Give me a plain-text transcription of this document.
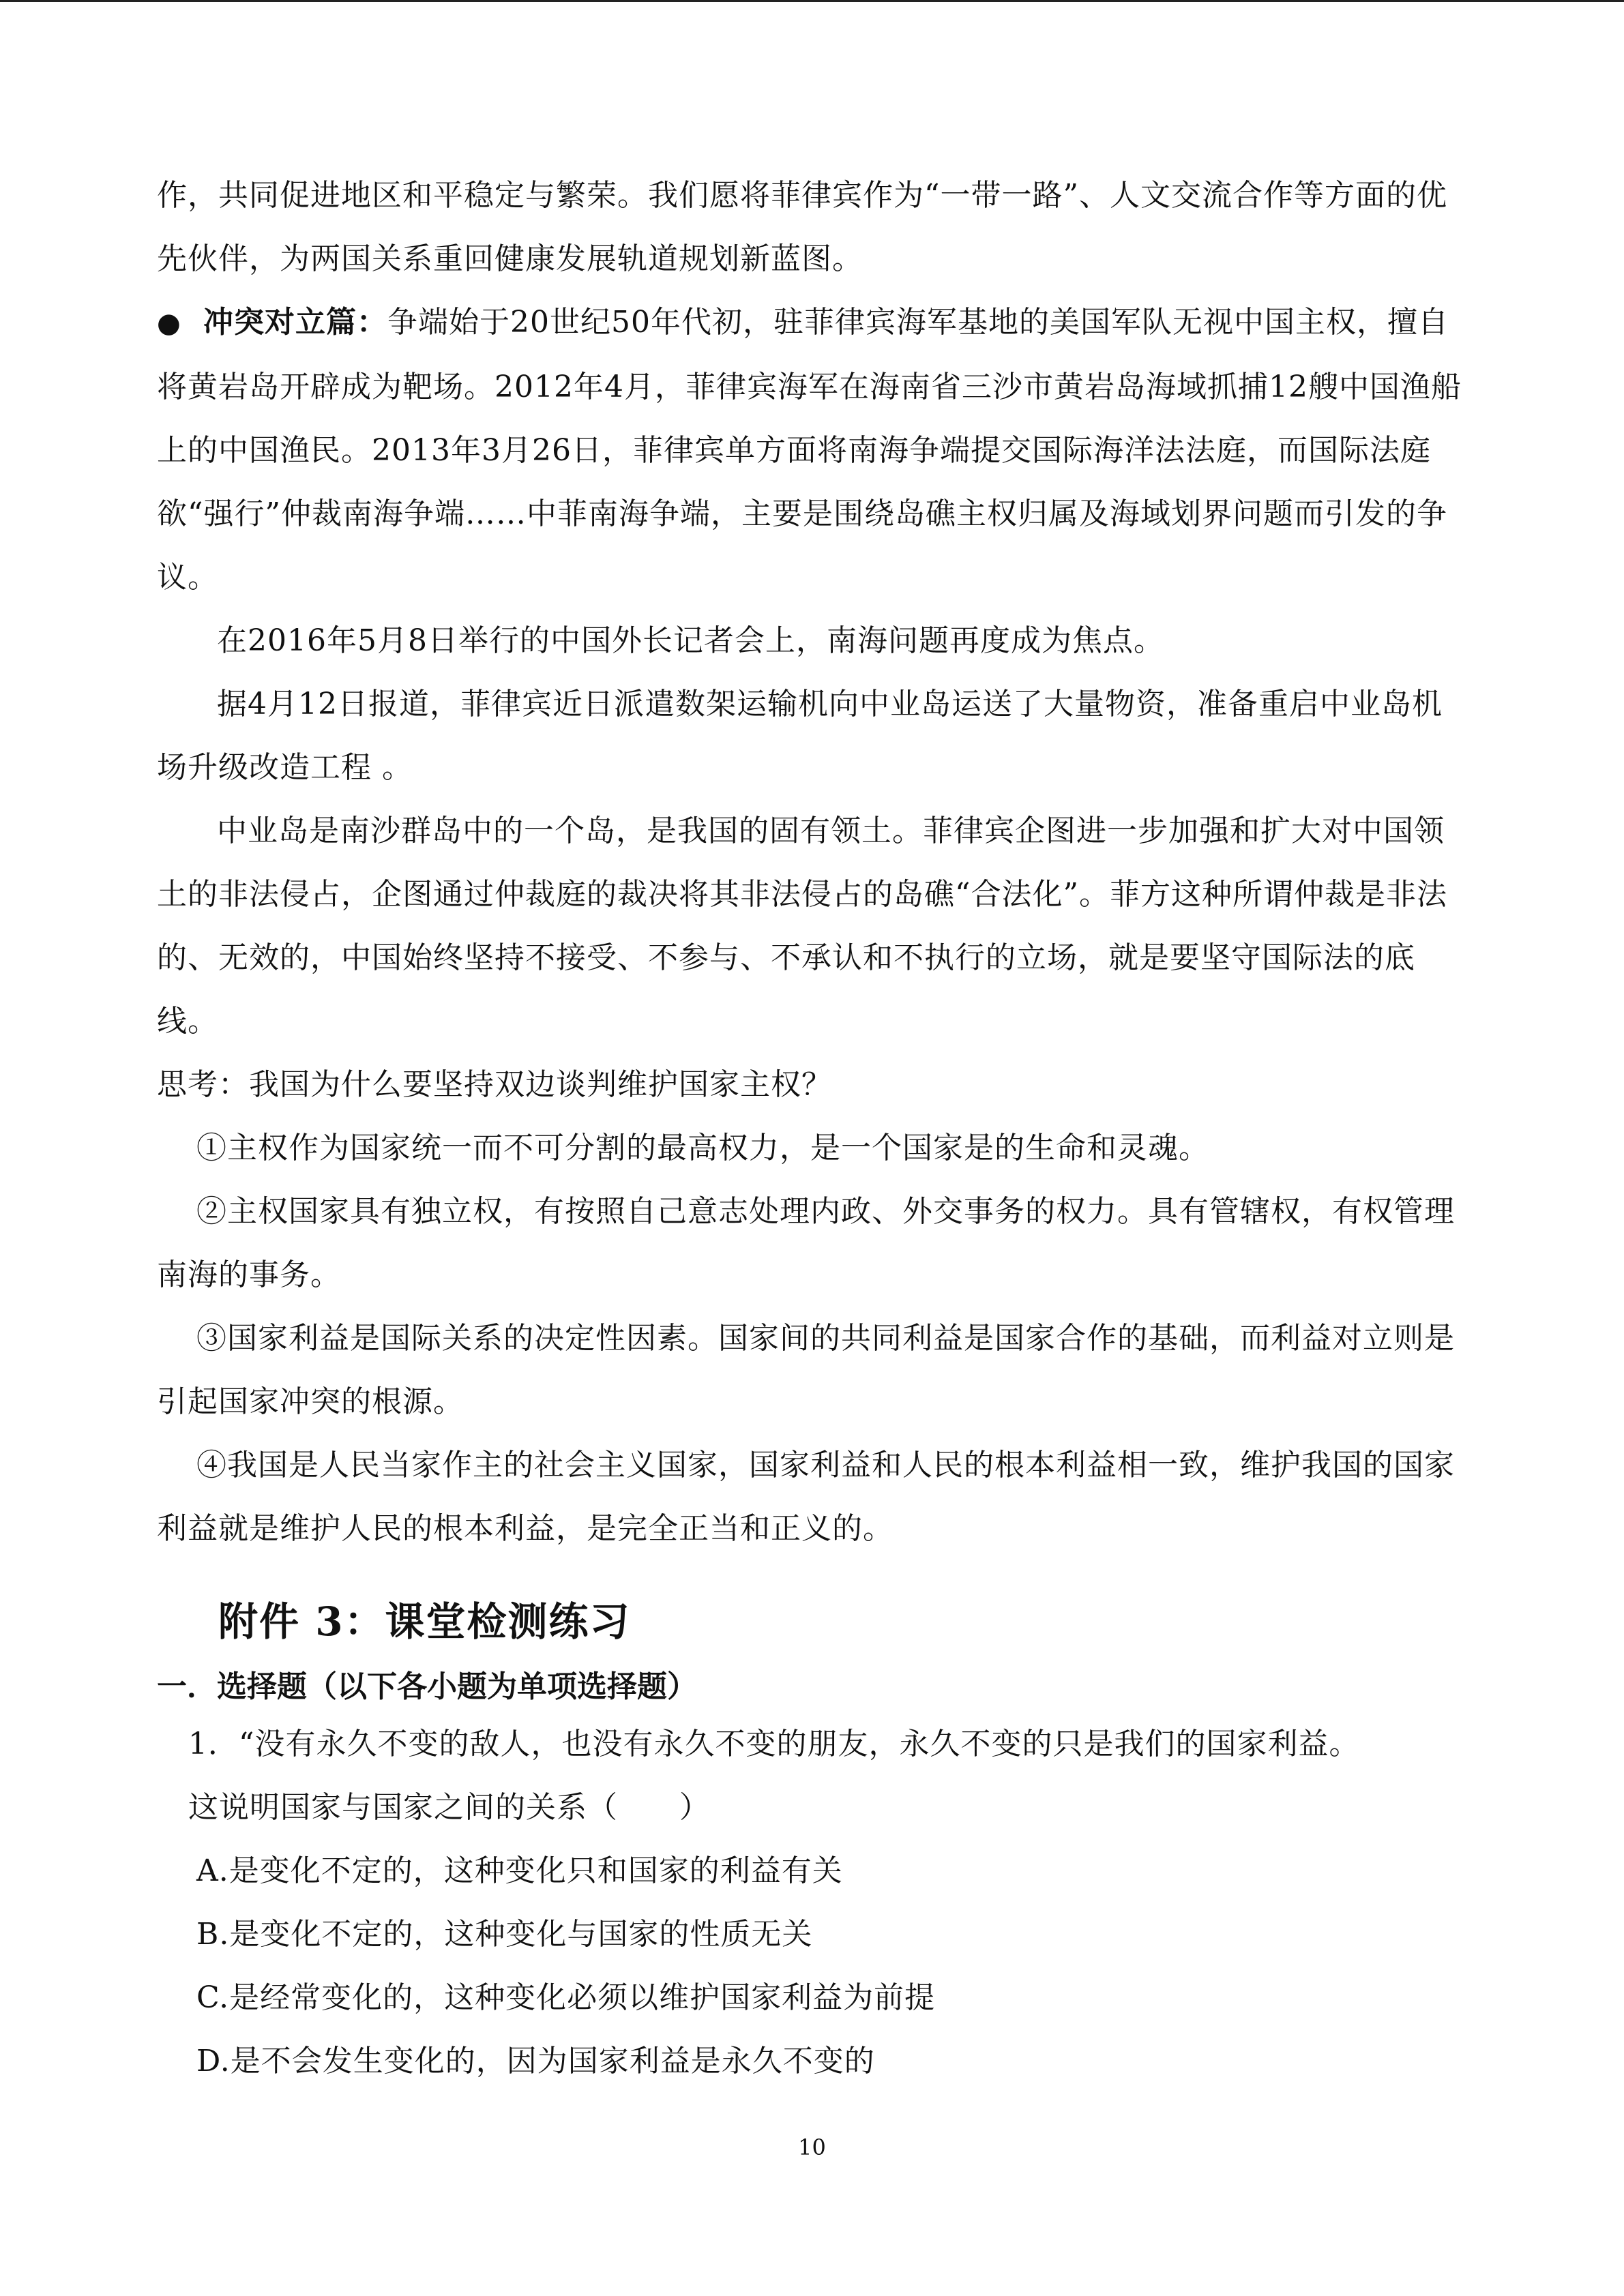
作，共同促进地区和平稳定与繁荣。我们愿将菲律宾作为“一带一路”、人文交流合作等方面的优先伙伴，为两国关系重回健康发展轨道规划新蓝图。

● 冲突对立篇：争端始于20世纪50年代初，驻菲律宾海军基地的美国军队无视中国主权，擅自将黄岩岛开辟成为靶场。2012年4月，菲律宾海军在海南省三沙市黄岩岛海域抓捕12艘中国渔船上的中国渔民。2013年3月26日，菲律宾单方面将南海争端提交国际海洋法法庭，而国际法庭欲“强行”仲裁南海争端……中菲南海争端，主要是围绕岛礁主权归属及海域划界问题而引发的争议。

在2016年5月8日举行的中国外长记者会上，南海问题再度成为焦点。

据4月12日报道，菲律宾近日派遣数架运输机向中业岛运送了大量物资，准备重启中业岛机场升级改造工程 。

中业岛是南沙群岛中的一个岛，是我国的固有领土。菲律宾企图进一步加强和扩大对中国领土的非法侵占，企图通过仲裁庭的裁决将其非法侵占的岛礁“合法化”。菲方这种所谓仲裁是非法的、无效的，中国始终坚持不接受、不参与、不承认和不执行的立场，就是要坚守国际法的底线。

思考：我国为什么要坚持双边谈判维护国家主权？

①主权作为国家统一而不可分割的最高权力，是一个国家是的生命和灵魂。

②主权国家具有独立权，有按照自己意志处理内政、外交事务的权力。具有管辖权，有权管理南海的事务。

③国家利益是国际关系的决定性因素。国家间的共同利益是国家合作的基础，而利益对立则是引起国家冲突的根源。

④我国是人民当家作主的社会主义国家，国家利益和人民的根本利益相一致，维护我国的国家利益就是维护人民的根本利益，是完全正当和正义的。

附件 3：课堂检测练习

一．选择题（以下各小题为单项选择题）

1．“没有永久不变的敌人，也没有永久不变的朋友，永久不变的只是我们的国家利益。

这说明国家与国家之间的关系（　　）

A.是变化不定的，这种变化只和国家的利益有关

B.是变化不定的，这种变化与国家的性质无关

C.是经常变化的，这种变化必须以维护国家利益为前提

D.是不会发生变化的，因为国家利益是永久不变的

10
